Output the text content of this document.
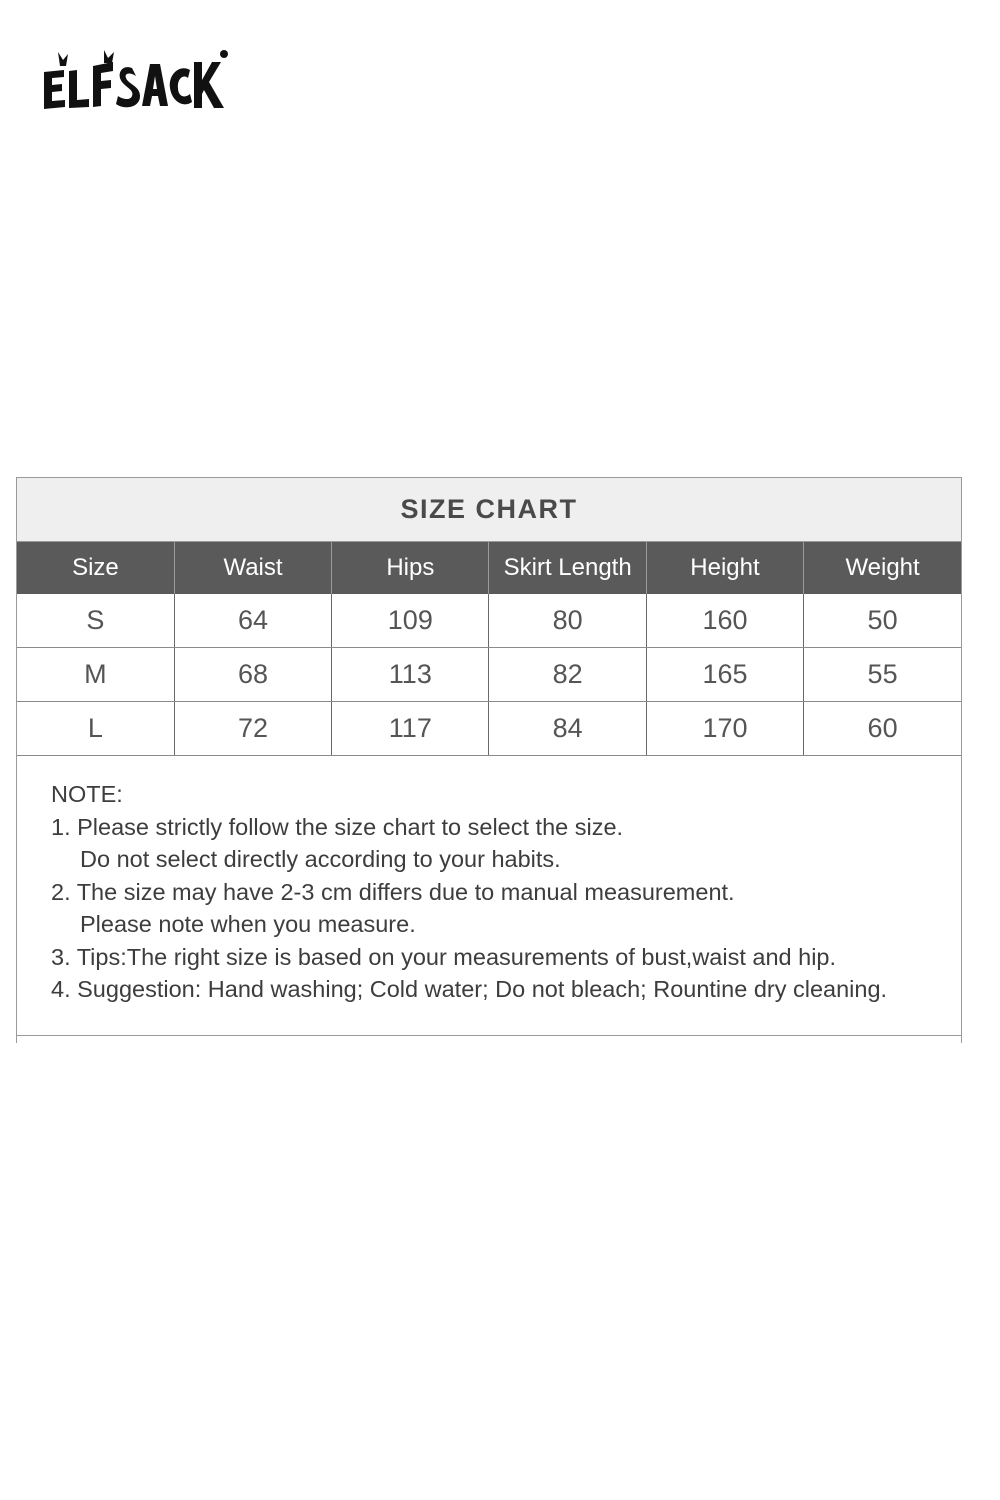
SIZE CHART
Size	Waist	Hips	Skirt Length	Height	Weight
S	64	109	80	160	50
M	68	113	82	165	55
L	72	117	84	170	60
NOTE:
1. Please strictly follow the size chart to select the size.
Do not select directly according to your habits.
2. The size may have 2-3 cm differs due to manual measurement.
Please note when you measure.
3. Tips:The right size is based on your measurements of bust,waist and hip.
4. Suggestion: Hand washing; Cold water; Do not bleach; Rountine dry cleaning.
